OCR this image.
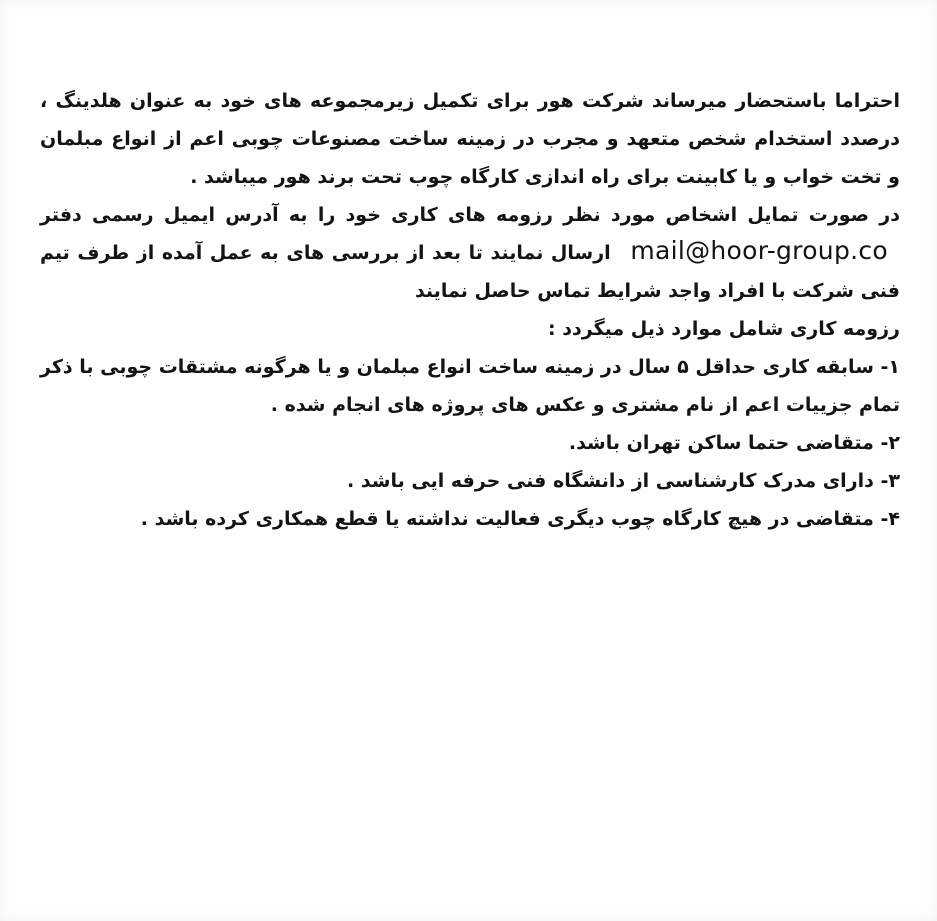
احتراما باستحضار میرساند شرکت هور برای تکمیل زیرمجموعه های خود به عنوان هلدینگ ، درصدد استخدام شخص متعهد و مجرب در زمینه ساخت مصنوعات چوبی اعم از انواع مبلمان و تخت خواب و یا کابینت برای راه اندازی کارگاه چوب تحت برند هور میباشد .

در صورت تمایل اشخاص مورد نظر رزومه های کاری خود را به آدرس ایمیل رسمی دفتر mail@hoor-group.co ارسال نمایند تا بعد از بررسی های به عمل آمده از طرف تیم فنی شرکت با افراد واجد شرایط تماس حاصل نمایند

رزومه کاری شامل موارد ذیل میگردد :

۱- سابقه کاری حداقل ۵ سال در زمینه ساخت انواع مبلمان و یا هرگونه مشتقات چوبی با ذکر تمام جزییات اعم از نام مشتری و عکس های پروژه های انجام شده .

۲- متقاضی حتما ساکن تهران باشد.

۳- دارای مدرک کارشناسی از دانشگاه فنی حرفه ایی باشد .

۴- متقاضی در هیچ کارگاه چوب دیگری فعالیت نداشته یا قطع همکاری کرده باشد .
